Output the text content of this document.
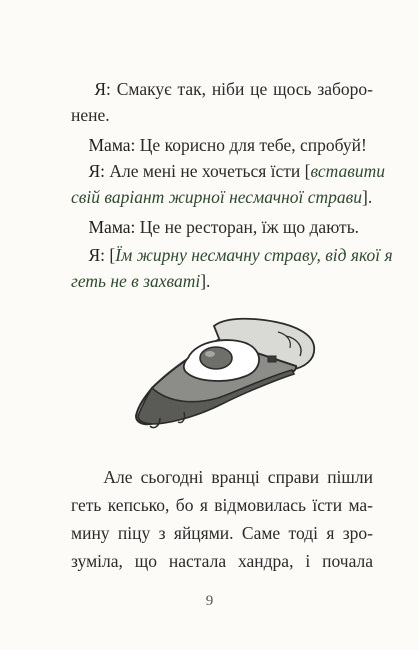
Я: Смакує так, ніби це щось заборо-
нене.
Мама: Це корисно для тебе, спробуй!
Я: Але мені не хочеться їсти [вставити
свій варіант жирної несмачної страви].
Мама: Це не ресторан, їж що дають.
Я: [Їм жирну несмачну страву, від якої я
геть не в захваті].
Але сьогодні вранці справи пішли
геть кепсько, бо я відмовилась їсти ма-
мину піцу з яйцями. Саме тоді я зро-
зуміла, що настала хандра, і почала
9
